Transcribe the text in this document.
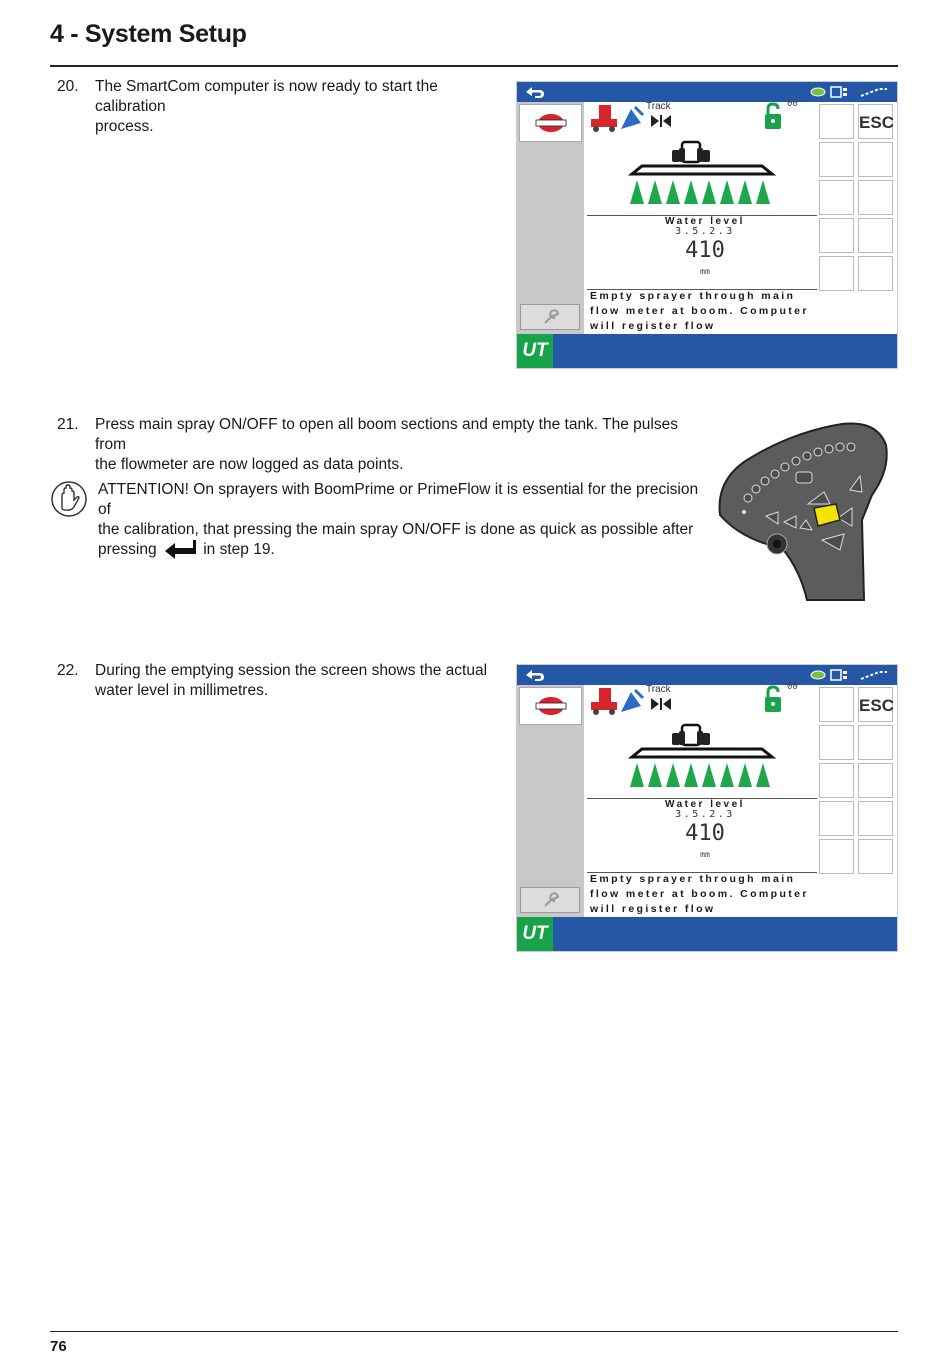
4 - System Setup
20.	The SmartCom computer is now ready to start the calibration
process.
Track	00
Water level
3.5.2.3
410
mm
Empty sprayer through main
flow meter at boom. Computer
will register flow
ESC
UT
21.	Press main spray ON/OFF to open all boom sections and empty the tank. The pulses from
the flowmeter are now logged as data points.
ATTENTION! On sprayers with BoomPrime or PrimeFlow it is essential for the precision of
the calibration, that pressing the main spray ON/OFF is done as quick as possible after
pressing	in step 19.
22.	During the emptying session the screen shows the actual
water level in millimetres.	Track	00
Water level
3.5.2.3
410
mm
Empty sprayer through main
flow meter at boom. Computer
will register flow
ESC
UT
76
